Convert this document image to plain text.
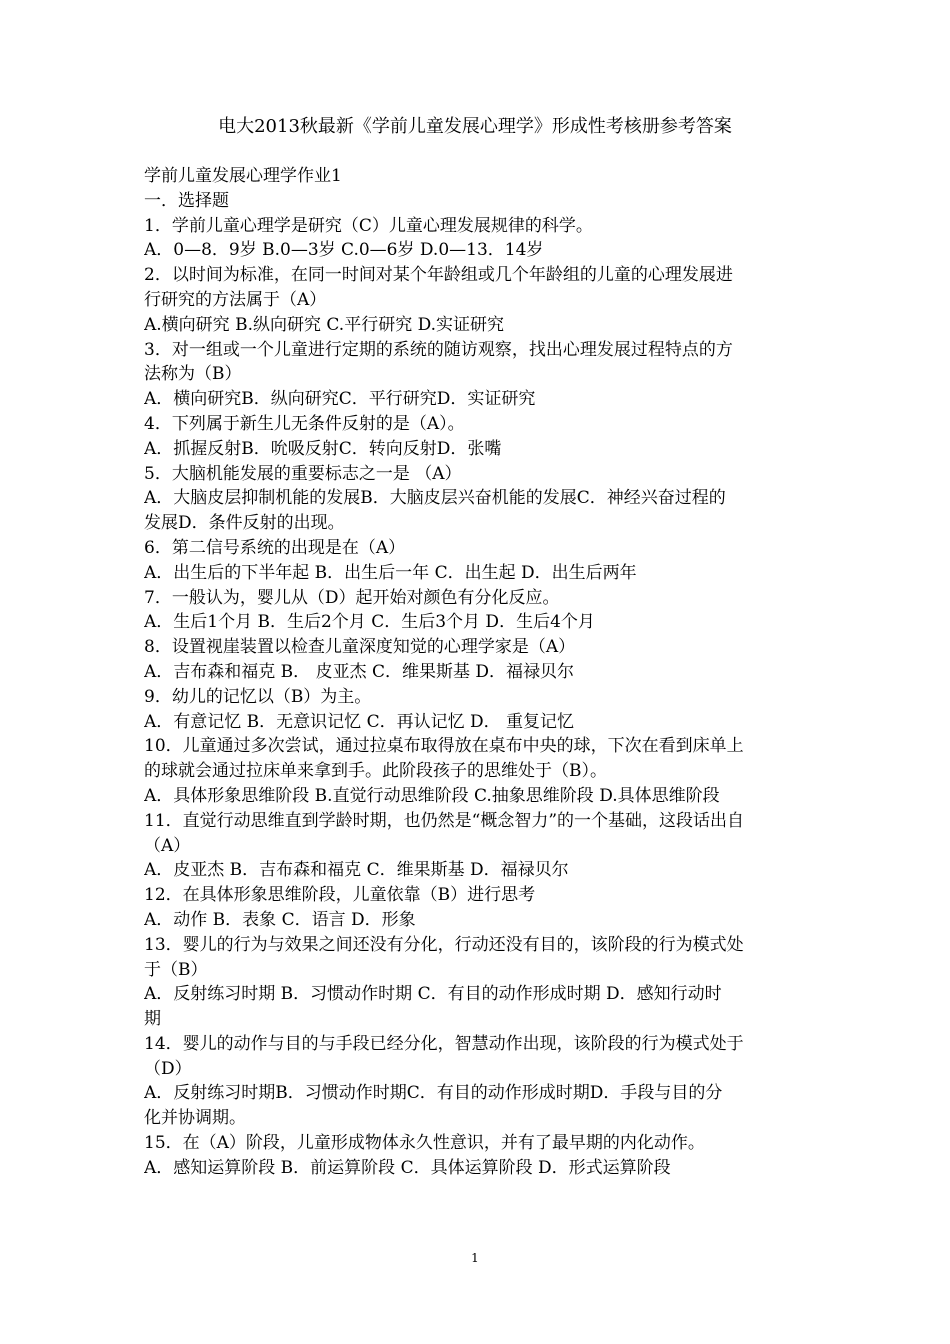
电大2013秋最新《学前儿童发展心理学》形成性考核册参考答案
学前儿童发展心理学作业1
一．选择题
1．学前儿童心理学是研究（C）儿童心理发展规律的科学。
A．0—8．9岁 B.0—3岁 C.0—6岁 D.0—13．14岁
2．以时间为标准，在同一时间对某个年龄组或几个年龄组的儿童的心理发展进
行研究的方法属于（A）
A.横向研究 B.纵向研究 C.平行研究 D.实证研究
3．对一组或一个儿童进行定期的系统的随访观察，找出心理发展过程特点的方
法称为（B）
A．横向研究B．纵向研究C．平行研究D．实证研究
4．下列属于新生儿无条件反射的是（A）。
A．抓握反射B．吮吸反射C．转向反射D．张嘴
5．大脑机能发展的重要标志之一是 （A）
A．大脑皮层抑制机能的发展B．大脑皮层兴奋机能的发展C．神经兴奋过程的
发展D．条件反射的出现。
6．第二信号系统的出现是在（A）
A．出生后的下半年起 B．出生后一年 C．出生起 D．出生后两年
7．一般认为，婴儿从（D）起开始对颜色有分化反应。
A．生后1个月 B．生后2个月 C．生后3个月 D．生后4个月
8．设置视崖装置以检查儿童深度知觉的心理学家是（A）
A．吉布森和福克 B． 皮亚杰 C．维果斯基 D．福禄贝尔
9．幼儿的记忆以（B）为主。
A．有意记忆 B．无意识记忆 C．再认记忆 D． 重复记忆
10．儿童通过多次尝试，通过拉桌布取得放在桌布中央的球，下次在看到床单上
的球就会通过拉床单来拿到手。此阶段孩子的思维处于（B）。
A．具体形象思维阶段 B.直觉行动思维阶段 C.抽象思维阶段 D.具体思维阶段
11．直觉行动思维直到学龄时期，也仍然是“概念智力”的一个基础，这段话出自
（A）
A．皮亚杰 B．吉布森和福克 C．维果斯基 D．福禄贝尔
12．在具体形象思维阶段，儿童依靠（B）进行思考
A．动作 B．表象 C．语言 D．形象
13．婴儿的行为与效果之间还没有分化，行动还没有目的，该阶段的行为模式处
于（B）
A．反射练习时期 B．习惯动作时期 C．有目的动作形成时期 D．感知行动时
期
14．婴儿的动作与目的与手段已经分化，智慧动作出现，该阶段的行为模式处于
（D）
A．反射练习时期B．习惯动作时期C．有目的动作形成时期D．手段与目的分
化并协调期。
15．在（A）阶段，儿童形成物体永久性意识，并有了最早期的内化动作。
A．感知运算阶段 B．前运算阶段 C．具体运算阶段 D．形式运算阶段
1
